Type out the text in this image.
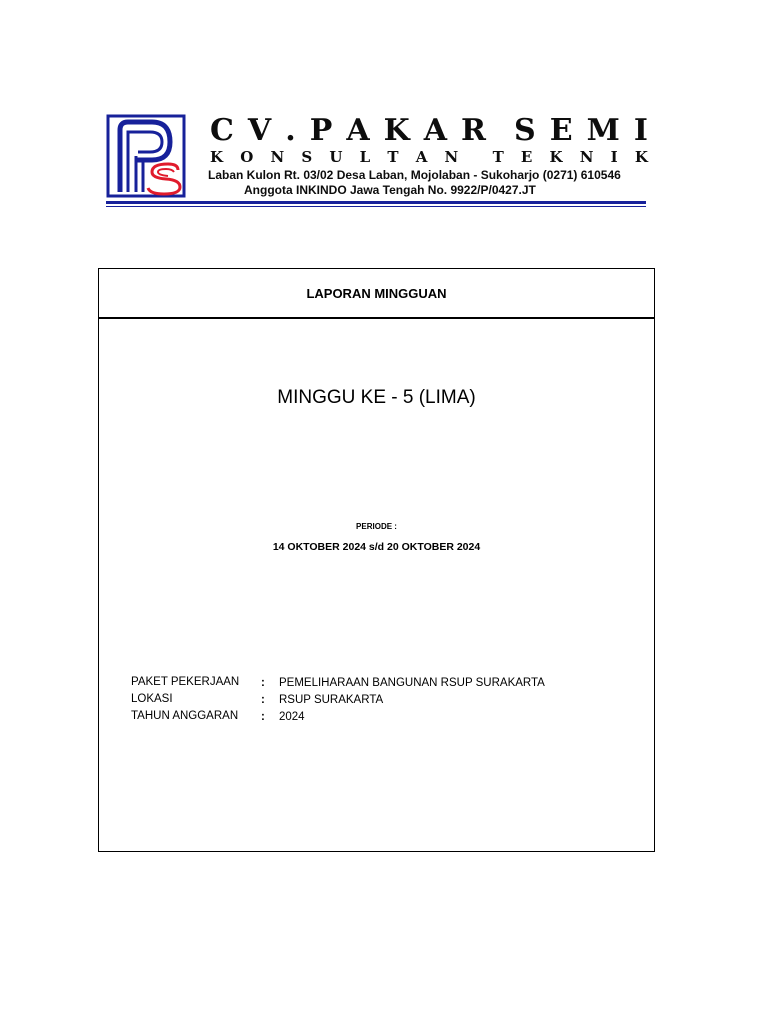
C V . P A K A R S E M I
K O N S U L T A N T E K N I K
Laban Kulon Rt. 03/02 Desa Laban, Mojolaban - Sukoharjo (0271) 610546
Anggota INKINDO Jawa Tengah No. 9922/P/0427.JT
LAPORAN MINGGUAN
MINGGU KE - 5 (LIMA)
PERIODE :
14 OKTOBER 2024 s/d 20 OKTOBER 2024
PAKET PEKERJAAN : PEMELIHARAAN BANGUNAN RSUP SURAKARTA
LOKASI	: RSUP SURAKARTA
TAHUN ANGGARAN : 2024
